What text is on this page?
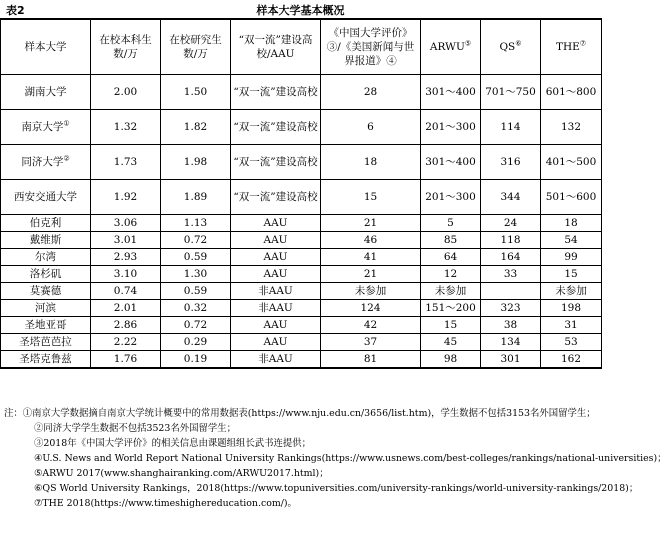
表2	样本大学基本概况
样本大学	在校本科生数/万	在校研究生数/万	“双一流”建设高校/AAU	《中国大学评价》③/《美国新闻与世界报道》④	ARWU⑤	QS⑥	THE⑦
湖南大学	2.00	1.50	“双一流”建设高校	28	301～400	701～750	601～800
南京大学①	1.32	1.82	“双一流”建设高校	6	201～300	114	132
同济大学②	1.73	1.98	“双一流”建设高校	18	301～400	316	401～500
西安交通大学	1.92	1.89	“双一流”建设高校	15	201～300	344	501～600
伯克利	3.06	1.13	AAU	21	5	24	18
戴维斯	3.01	0.72	AAU	46	85	118	54
尔湾	2.93	0.59	AAU	41	64	164	99
洛杉矶	3.10	1.30	AAU	21	12	33	15
莫赛德	0.74	0.59	非AAU	未参加	未参加		未参加
河滨	2.01	0.32	非AAU	124	151～200	323	198
圣地亚哥	2.86	0.72	AAU	42	15	38	31
圣塔芭芭拉	2.22	0.29	AAU	37	45	134	53
圣塔克鲁兹	1.76	0.19	非AAU	81	98	301	162
注：①南京大学数据摘自南京大学统计概要中的常用数据表(https://www.nju.edu.cn/3656/list.htm)，学生数据不包括3153名外国留学生；
②同济大学学生数据不包括3523名外国留学生；
③2018年《中国大学评价》的相关信息由课题组组长武书连提供；
④U.S. News and World Report National University Rankings(https://www.usnews.com/best-colleges/rankings/national-universities)；
⑤ARWU 2017(www.shanghairanking.com/ARWU2017.html)；
⑥QS World University Rankings，2018(https://www.topuniversities.com/university-rankings/world-university-rankings/2018)；
⑦THE 2018(https://www.timeshighereducation.com/)。
